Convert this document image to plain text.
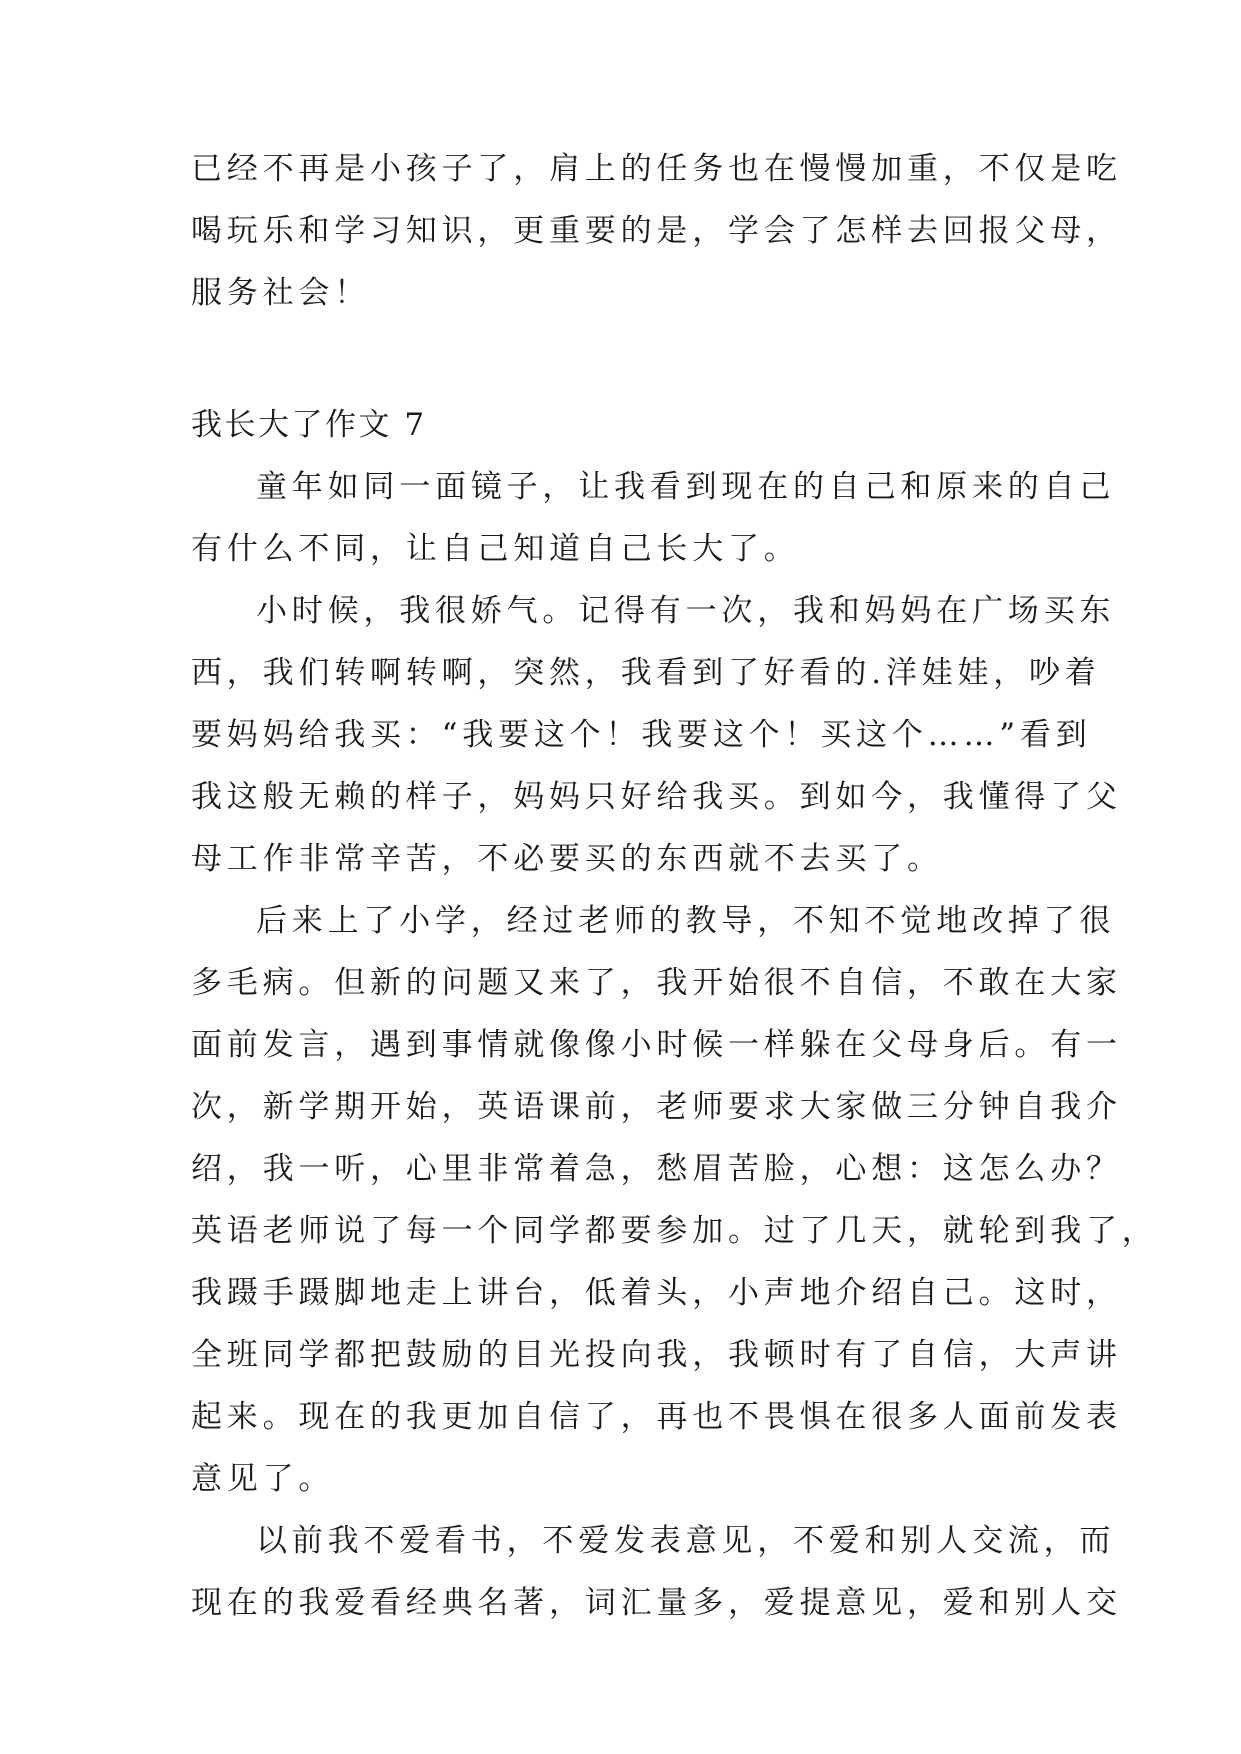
已经不再是小孩子了，肩上的任务也在慢慢加重，不仅是吃
喝玩乐和学习知识，更重要的是，学会了怎样去回报父母，
服务社会！
我长大了作文 7
童年如同一面镜子，让我看到现在的自己和原来的自己
有什么不同，让自己知道自己长大了。
小时候，我很娇气。记得有一次，我和妈妈在广场买东
西，我们转啊转啊，突然，我看到了好看的.洋娃娃，吵着
要妈妈给我买：“我要这个！我要这个！买这个……”看到
我这般无赖的样子，妈妈只好给我买。到如今，我懂得了父
母工作非常辛苦，不必要买的东西就不去买了。
后来上了小学，经过老师的教导，不知不觉地改掉了很
多毛病。但新的问题又来了，我开始很不自信，不敢在大家
面前发言，遇到事情就像像小时候一样躲在父母身后。有一
次，新学期开始，英语课前，老师要求大家做三分钟自我介
绍，我一听，心里非常着急，愁眉苦脸，心想：这怎么办？
英语老师说了每一个同学都要参加。过了几天，就轮到我了，
我蹑手蹑脚地走上讲台，低着头，小声地介绍自己。这时，
全班同学都把鼓励的目光投向我，我顿时有了自信，大声讲
起来。现在的我更加自信了，再也不畏惧在很多人面前发表
意见了。
以前我不爱看书，不爱发表意见，不爱和别人交流，而
现在的我爱看经典名著，词汇量多，爱提意见，爱和别人交
